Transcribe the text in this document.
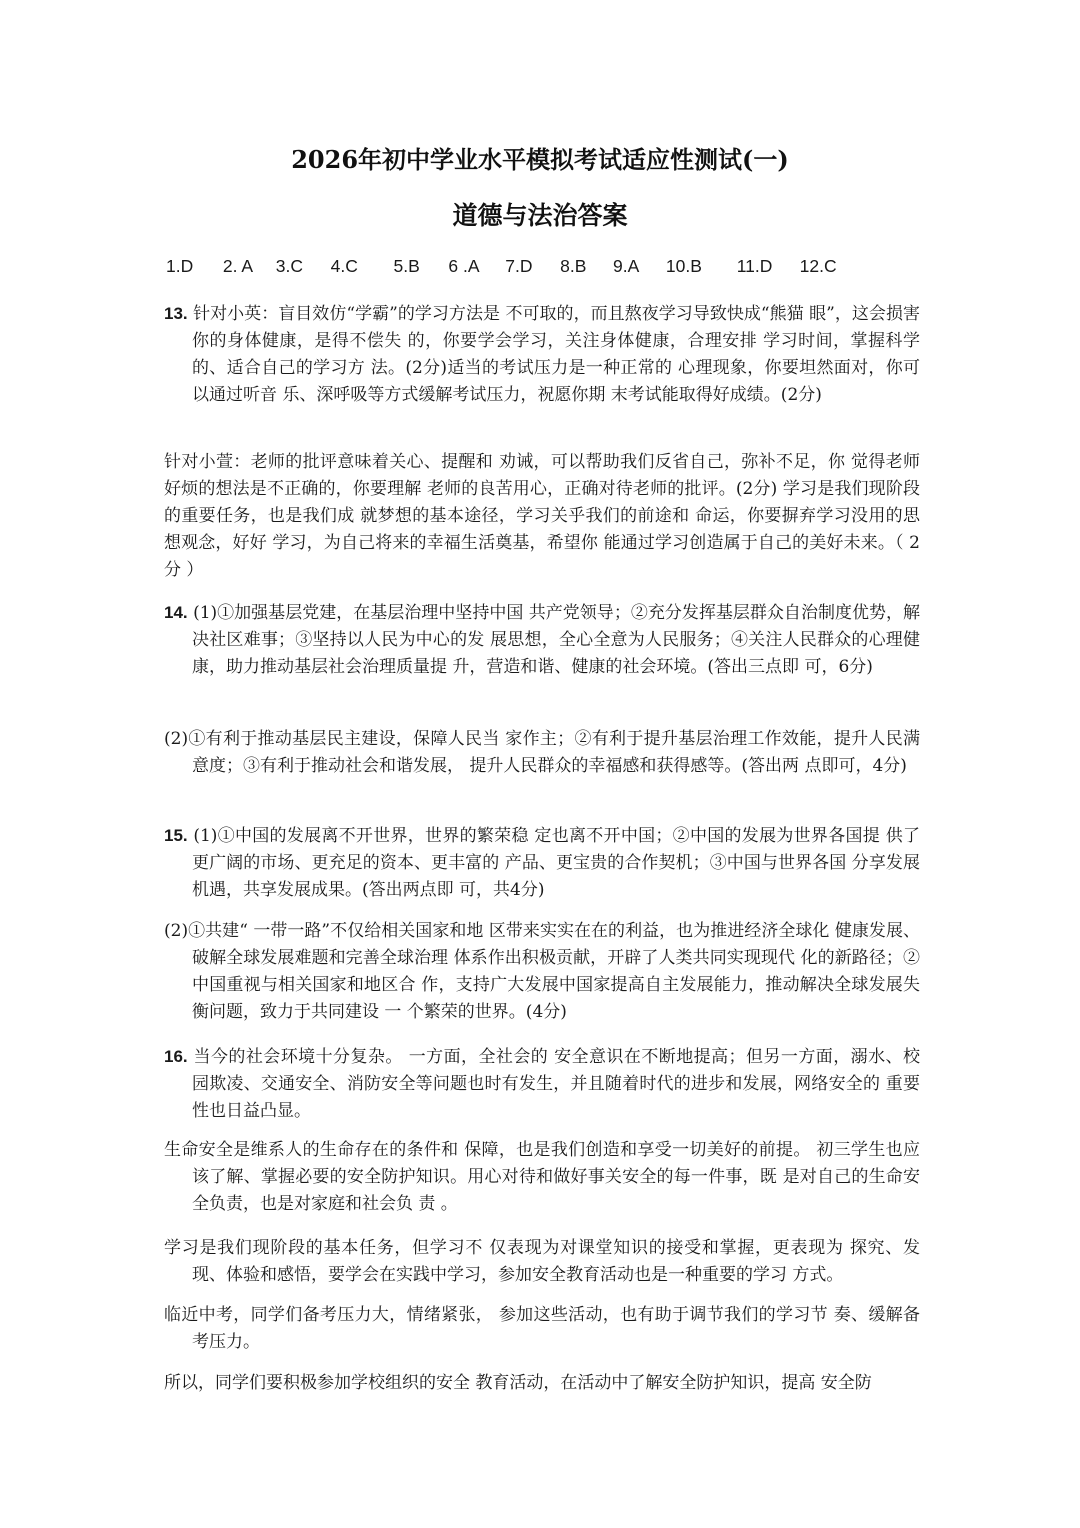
2026年初中学业水平模拟考试适应性测试(一)
道德与法治答案
1.D 2. A 3.C 4.C 5.B 6 .A 7.D 8.B 9.A 10.B 11.D 12.C
13. 针对小英：盲目效仿“学霸”的学习方法是 不可取的，而且熬夜学习导致快成“熊猫 眼”，这会损害你的身体健康，是得不偿失 的，你要学会学习，关注身体健康，合理安排 学习时间，掌握科学的、适合自己的学习方 法。(2分)适当的考试压力是一种正常的 心理现象，你要坦然面对，你可以通过听音 乐、深呼吸等方式缓解考试压力，祝愿你期 末考试能取得好成绩。(2分)
针对小萱：老师的批评意味着关心、提醒和 劝诫，可以帮助我们反省自己，弥补不足，你 觉得老师好烦的想法是不正确的，你要理解 老师的良苦用心，正确对待老师的批评。(2分) 学习是我们现阶段的重要任务，也是我们成 就梦想的基本途径，学习关乎我们的前途和 命运，你要摒弃学习没用的思想观念，好好 学习，为自己将来的幸福生活奠基，希望你 能通过学习创造属于自己的美好未来。（ 2 分 ）
14. (1)①加强基层党建，在基层治理中坚持中国 共产党领导；②充分发挥基层群众自治制度优势，解决社区难事；③坚持以人民为中心的发 展思想，全心全意为人民服务；④关注人民群众的心理健康，助力推动基层社会治理质量提 升，营造和谐、健康的社会环境。(答出三点即 可，6分)
(2)①有利于推动基层民主建设，保障人民当 家作主；②有利于提升基层治理工作效能，提升人民满意度；③有利于推动社会和谐发展， 提升人民群众的幸福感和获得感等。(答出两 点即可，4分)
15. (1)①中国的发展离不开世界，世界的繁荣稳 定也离不开中国；②中国的发展为世界各国提 供了更广阔的市场、更充足的资本、更丰富的 产品、更宝贵的合作契机；③中国与世界各国 分享发展机遇，共享发展成果。(答出两点即 可，共4分)
(2)①共建“ 一带一路”不仅给相关国家和地 区带来实实在在的利益，也为推进经济全球化 健康发展、破解全球发展难题和完善全球治理 体系作出积极贡献，开辟了人类共同实现现代 化的新路径；②中国重视与相关国家和地区合 作，支持广大发展中国家提高自主发展能力，推动解决全球发展失衡问题，致力于共同建设 一 个繁荣的世界。(4分)
16. 当今的社会环境十分复杂。 一方面，全社会的 安全意识在不断地提高；但另一方面，溺水、校 园欺凌、交通安全、消防安全等问题也时有发生，并且随着时代的进步和发展，网络安全的 重要性也日益凸显。
生命安全是维系人的生命存在的条件和 保障，也是我们创造和享受一切美好的前提。 初三学生也应该了解、掌握必要的安全防护知识。用心对待和做好事关安全的每一件事，既 是对自己的生命安全负责，也是对家庭和社会负 责 。
学习是我们现阶段的基本任务，但学习不 仅表现为对课堂知识的接受和掌握，更表现为 探究、发现、体验和感悟，要学会在实践中学习，参加安全教育活动也是一种重要的学习 方式。
临近中考，同学们备考压力大，情绪紧张， 参加这些活动，也有助于调节我们的学习节 奏、缓解备考压力。
所以，同学们要积极参加学校组织的安全 教育活动，在活动中了解安全防护知识，提高 安全防
